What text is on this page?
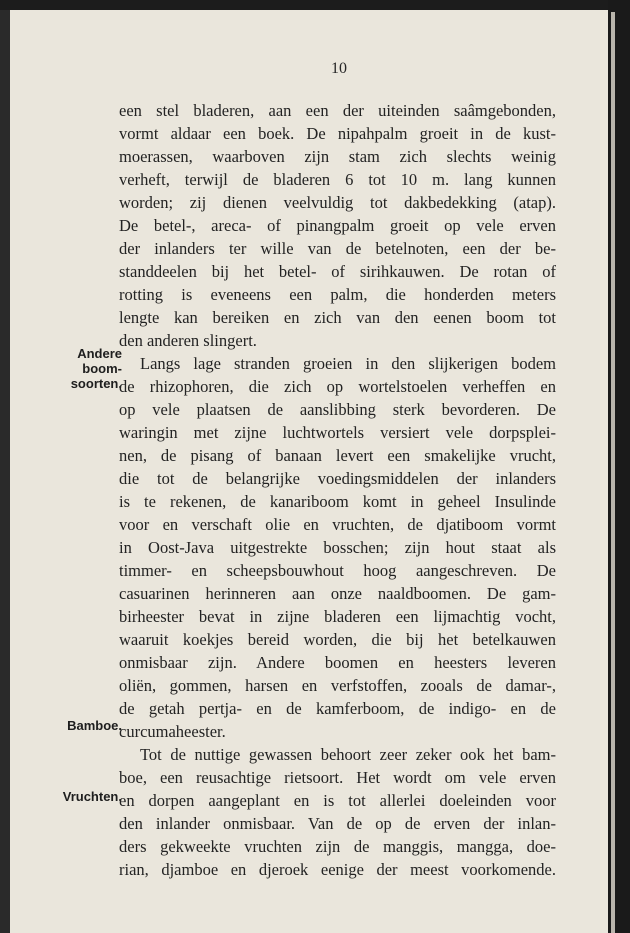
10
Andere
boom-
soorten.
Bamboe.
Vruchten.
een stel bladeren, aan een der uiteinden saâmgebonden,
vormt aldaar een boek. De nipahpalm groeit in de kust-
moerassen, waarboven zijn stam zich slechts weinig
verheft, terwijl de bladeren 6 tot 10 m. lang kunnen
worden; zij dienen veelvuldig tot dakbedekking (atap).
De betel-, areca- of pinangpalm groeit op vele erven
der inlanders ter wille van de betelnoten, een der be-
standdeelen bij het betel- of sirihkauwen. De rotan of
rotting is eveneens een palm, die honderden meters
lengte kan bereiken en zich van den eenen boom tot
den anderen slingert.
Langs lage stranden groeien in den slijkerigen bodem
de rhizophoren, die zich op wortelstoelen verheffen en
op vele plaatsen de aanslibbing sterk bevorderen. De
waringin met zijne luchtwortels versiert vele dorpsplei-
nen, de pisang of banaan levert een smakelijke vrucht,
die tot de belangrijke voedingsmiddelen der inlanders
is te rekenen, de kanariboom komt in geheel Insulinde
voor en verschaft olie en vruchten, de djatiboom vormt
in Oost-Java uitgestrekte bosschen; zijn hout staat als
timmer- en scheepsbouwhout hoog aangeschreven. De
casuarinen herinneren aan onze naaldboomen. De gam-
birheester bevat in zijne bladeren een lijmachtig vocht,
waaruit koekjes bereid worden, die bij het betelkauwen
onmisbaar zijn. Andere boomen en heesters leveren
oliën, gommen, harsen en verfstoffen, zooals de damar-,
de getah pertja- en de kamferboom, de indigo- en de
curcumaheester.
Tot de nuttige gewassen behoort zeer zeker ook het bam-
boe, een reusachtige rietsoort. Het wordt om vele erven
en dorpen aangeplant en is tot allerlei doeleinden voor
den inlander onmisbaar. Van de op de erven der inlan-
ders gekweekte vruchten zijn de manggis, mangga, doe-
rian, djamboe en djeroek eenige der meest voorkomende.
